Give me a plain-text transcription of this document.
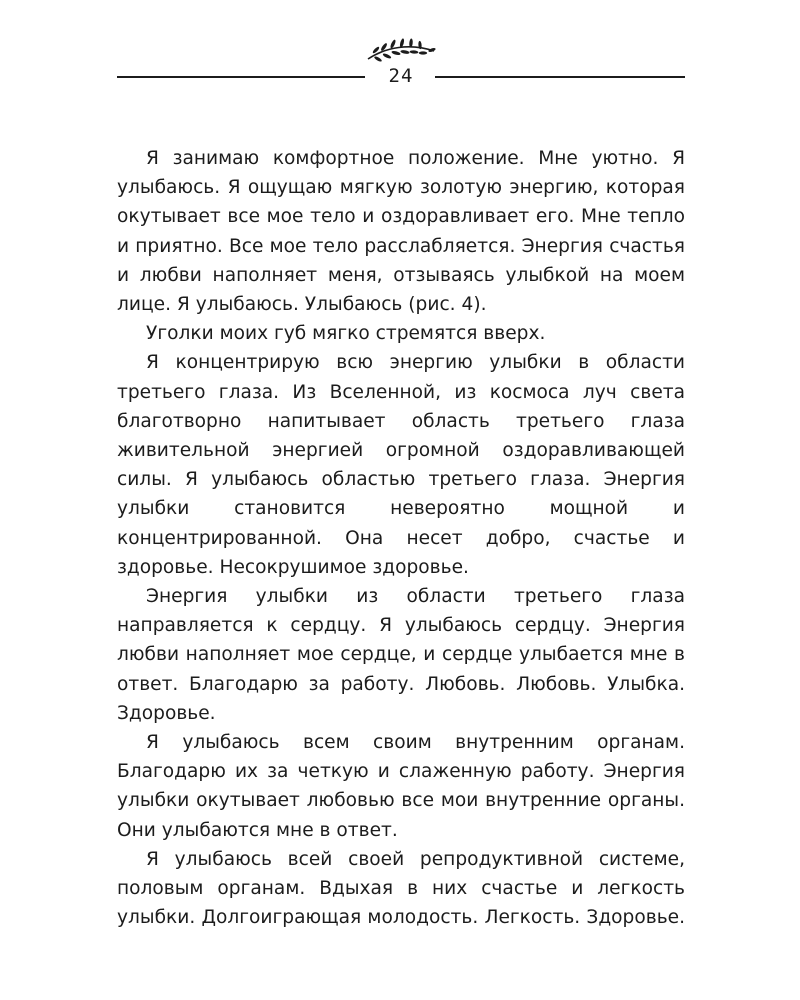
24

Я занимаю комфортное положение. Мне уютно. Я улыбаюсь. Я ощущаю мягкую золотую энергию, которая окутывает все мое тело и оздоравливает его. Мне тепло и приятно. Все мое тело расслабляется. Энергия счастья и любви наполняет меня, отзываясь улыбкой на моем лице. Я улыбаюсь. Улыбаюсь (рис. 4).

Уголки моих губ мягко стремятся вверх.

Я концентрирую всю энергию улыбки в области третьего глаза. Из Вселенной, из космоса луч света благотворно напитывает область третьего глаза живительной энергией огромной оздоравливающей силы. Я улыбаюсь областью третьего глаза. Энергия улыбки становится невероятно мощной и концентрированной. Она несет добро, счастье и здоровье. Несокрушимое здоровье.

Энергия улыбки из области третьего глаза направляется к сердцу. Я улыбаюсь сердцу. Энергия любви наполняет мое сердце, и сердце улыбается мне в ответ. Благодарю за работу. Любовь. Любовь. Улыбка. Здоровье.

Я улыбаюсь всем своим внутренним органам. Благодарю их за четкую и слаженную работу. Энергия улыбки окутывает любовью все мои внутренние органы. Они улыбаются мне в ответ.

Я улыбаюсь всей своей репродуктивной системе, половым органам. Вдыхая в них счастье и легкость улыбки. Долгоиграющая молодость. Легкость. Здоровье.
